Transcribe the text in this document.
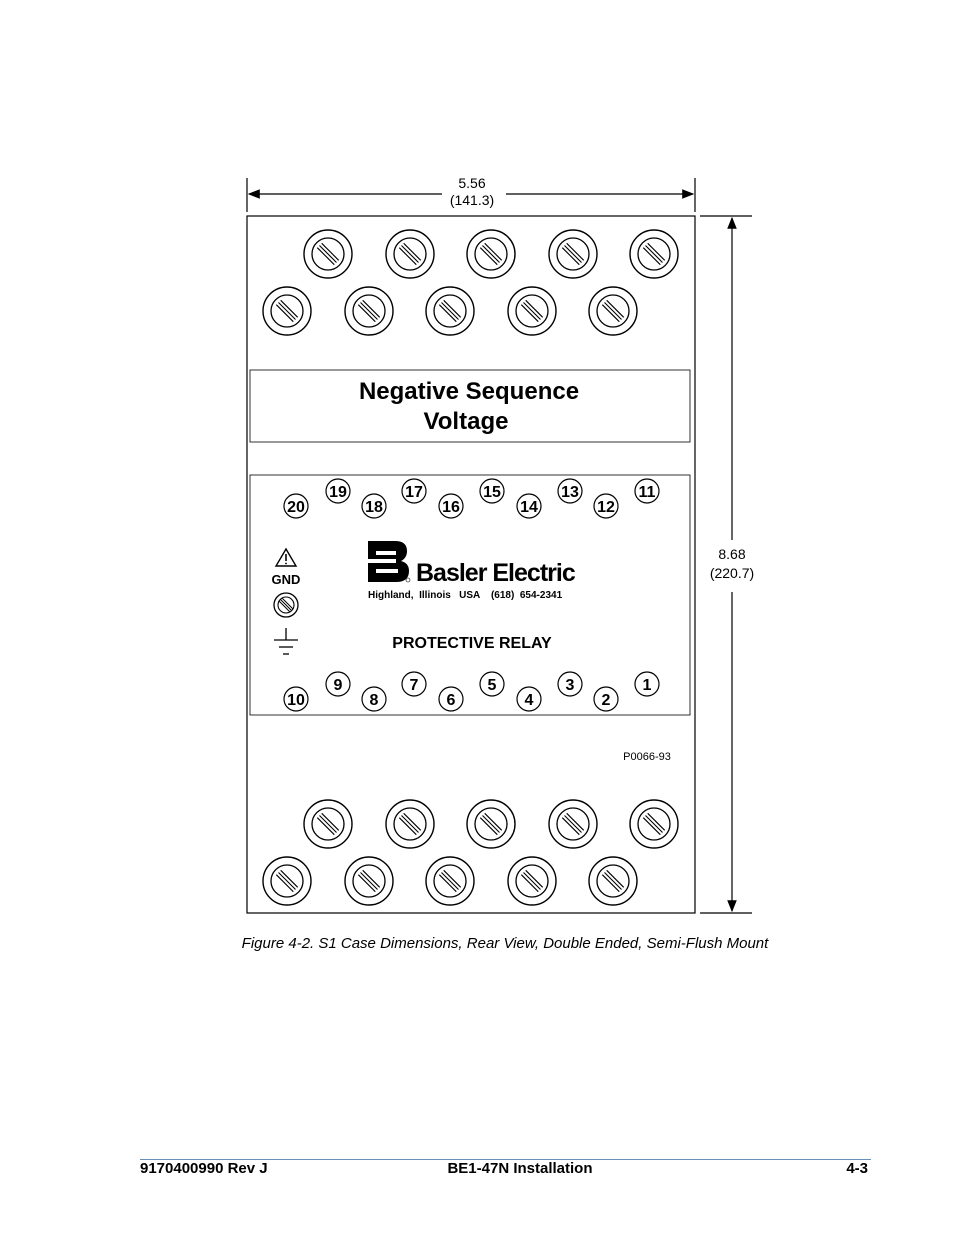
5.56
(141.3)
8.68
(220.7)
Negative Sequence
Voltage
20
19
18
17
16
15
14
13
12
11
10
9
8
7
6
5
4
3
2
1
GND	Basler Electric
Highland,  Illinois   USA    (618)  654-2341
PROTECTIVE RELAY
P0066-93
Figure 4-2. S1 Case Dimensions, Rear View, Double Ended, Semi-Flush Mount
9170400990 Rev J	BE1-47N Installation	4-3
